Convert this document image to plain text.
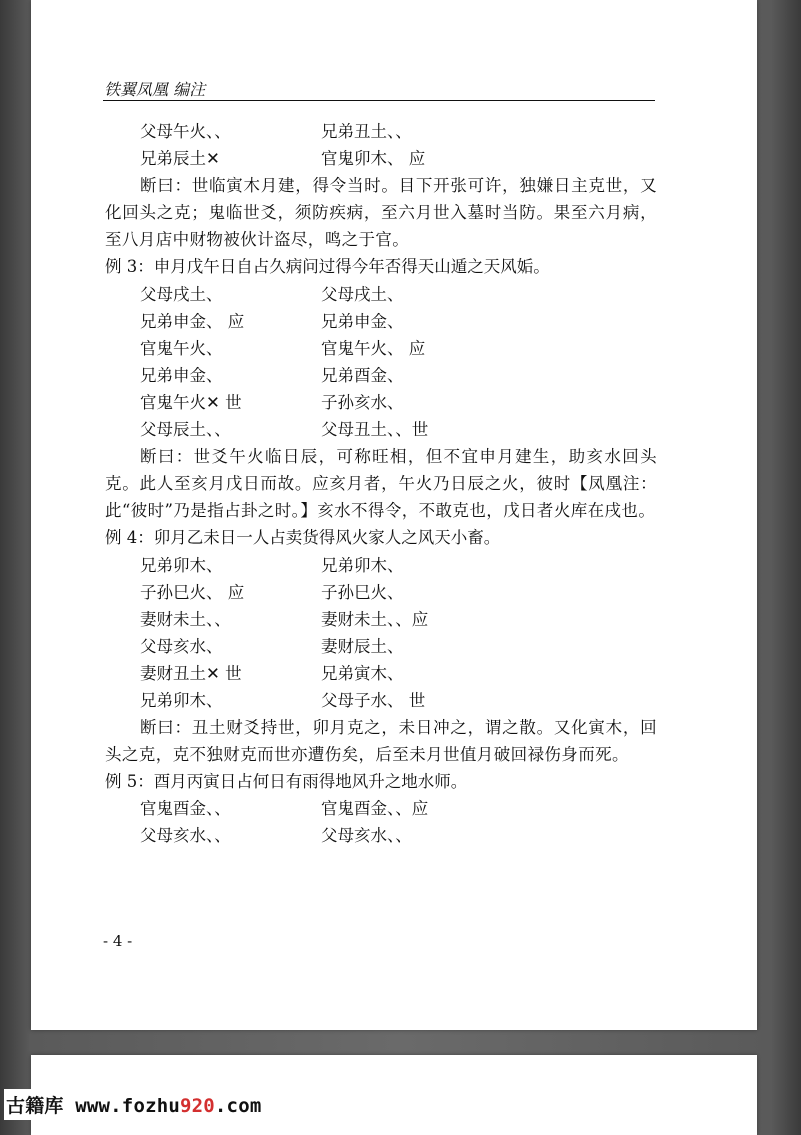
铁翼凤凰 编注
父母午火、、	兄弟丑土、、
兄弟辰土✕	官鬼卯木、 应
断曰：世临寅木月建，得令当时。目下开张可许，独嫌日主克世，又化回头之克；鬼临世爻，须防疾病，至六月世入墓时当防。果至六月病，至八月店中财物被伙计盗尽，鸣之于官。
例 3：申月戊午日自占久病问过得今年否得天山遁之天风姤。
父母戌土、	父母戌土、
兄弟申金、 应	兄弟申金、
官鬼午火、	官鬼午火、 应
兄弟申金、	兄弟酉金、
官鬼午火✕ 世	子孙亥水、
父母辰土、、	父母丑土、、世
断曰：世爻午火临日辰，可称旺相，但不宜申月建生，助亥水回头克。此人至亥月戊日而故。应亥月者，午火乃日辰之火，彼时【凤凰注：此“彼时”乃是指占卦之时。】亥水不得令，不敢克也，戊日者火库在戌也。
例 4：卯月乙未日一人占卖货得风火家人之风天小畜。
兄弟卯木、	兄弟卯木、
子孙巳火、 应	子孙巳火、
妻财未土、、	妻财未土、、应
父母亥水、	妻财辰土、
妻财丑土✕ 世	兄弟寅木、
兄弟卯木、	父母子水、 世
断曰：丑土财爻持世，卯月克之，未日冲之，谓之散。又化寅木，回头之克，克不独财克而世亦遭伤矣，后至未月世值月破回禄伤身而死。
例 5：酉月丙寅日占何日有雨得地风升之地水师。
官鬼酉金、、	官鬼酉金、、应
父母亥水、、	父母亥水、、
- 4 -
古籍库 www.fozhu920.com
